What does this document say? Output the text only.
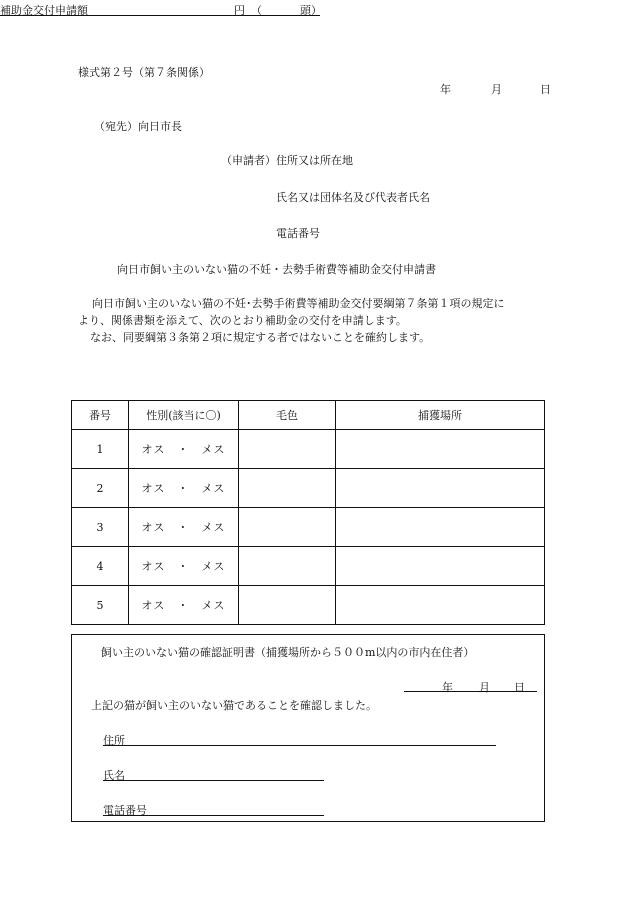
様式第２号（第７条関係）
年	月	日
（宛先）向日市長
（申請者） 住所又は所在地
氏名又は団体名及び代表者氏名
電話番号
向日市飼い主のいない猫の不妊・去勢手術費等補助金交付申請書
向日市飼い主のいない猫の不妊･去勢手術費等補助金交付要綱第７条第１項の規定に
より、関係書類を添えて、次のとおり補助金の交付を申請します。
なお、同要綱第３条第２項に規定する者ではないことを確約します。
補助金交付申請額	円 （	頭）
番号	性別(該当に〇)	毛色	捕獲場所
1	オス　・　メス		
2	オス　・　メス		
3	オス　・　メス		
4	オス　・　メス		
5	オス　・　メス		
飼い主のいない猫の確認証明書（捕獲場所から５００m以内の市内在住者）
年 月 日
上記の猫が飼い主のいない猫であることを確認しました。
住所
氏名
電話番号
